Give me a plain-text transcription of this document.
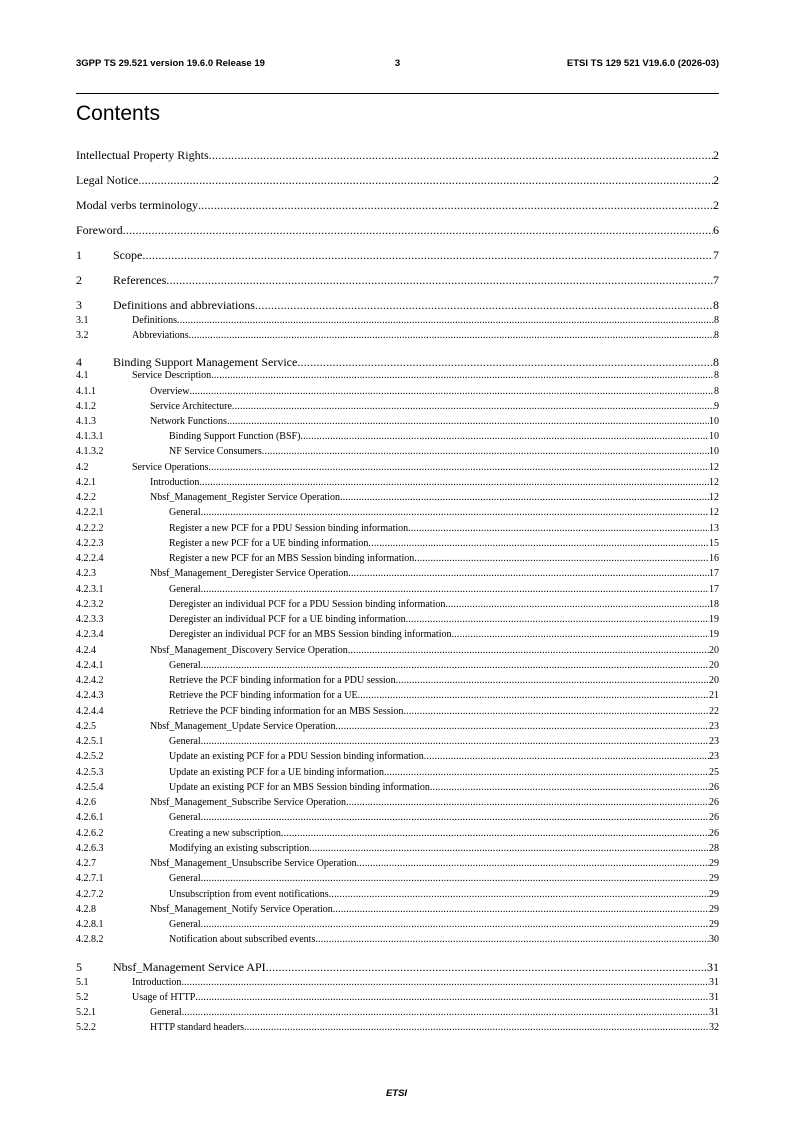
3GPP TS 29.521 version 19.6.0 Release 19	3	ETSI TS 129 521 V19.6.0 (2026-03)
Contents
Intellectual Property Rights .....	2
Legal Notice .....	2
Modal verbs terminology .....	2
Foreword .....	6
1	Scope .....	7
2	References .....	7
3	Definitions and abbreviations .....	8
3.1	Definitions .....	8
3.2	Abbreviations .....	8
4	Binding Support Management Service .....	8
4.1	Service Description .....	8
4.1.1	Overview .....	8
4.1.2	Service Architecture .....	9
4.1.3	Network Functions .....	10
4.1.3.1	Binding Support Function (BSF) .....	10
4.1.3.2	NF Service Consumers .....	10
4.2	Service Operations .....	12
4.2.1	Introduction .....	12
4.2.2	Nbsf_Management_Register Service Operation .....	12
4.2.2.1	General .....	12
4.2.2.2	Register a new PCF for a PDU Session binding information .....	13
4.2.2.3	Register a new PCF for a UE binding information .....	15
4.2.2.4	Register a new PCF for an MBS Session binding information .....	16
4.2.3	Nbsf_Management_Deregister Service Operation .....	17
4.2.3.1	General .....	17
4.2.3.2	Deregister an individual PCF for a PDU Session binding information .....	18
4.2.3.3	Deregister an individual PCF for a UE binding information .....	19
4.2.3.4	Deregister an individual PCF for an MBS Session binding information .....	19
4.2.4	Nbsf_Management_Discovery Service Operation .....	20
4.2.4.1	General .....	20
4.2.4.2	Retrieve the PCF binding information for a PDU session .....	20
4.2.4.3	Retrieve the PCF binding information for a UE .....	21
4.2.4.4	Retrieve the PCF binding information for an MBS Session .....	22
4.2.5	Nbsf_Management_Update Service Operation .....	23
4.2.5.1	General .....	23
4.2.5.2	Update an existing PCF for a PDU Session binding information .....	23
4.2.5.3	Update an existing PCF for a UE binding information .....	25
4.2.5.4	Update an existing PCF for an MBS Session binding information .....	26
4.2.6	Nbsf_Management_Subscribe Service Operation .....	26
4.2.6.1	General .....	26
4.2.6.2	Creating a new subscription .....	26
4.2.6.3	Modifying an existing subscription .....	28
4.2.7	Nbsf_Management_Unsubscribe Service Operation .....	29
4.2.7.1	General .....	29
4.2.7.2	Unsubscription from event notifications .....	29
4.2.8	Nbsf_Management_Notify Service Operation .....	29
4.2.8.1	General .....	29
4.2.8.2	Notification about subscribed events .....	30
5	Nbsf_Management Service API .....	31
5.1	Introduction .....	31
5.2	Usage of HTTP .....	31
5.2.1	General .....	31
5.2.2	HTTP standard headers .....	32
ETSI
